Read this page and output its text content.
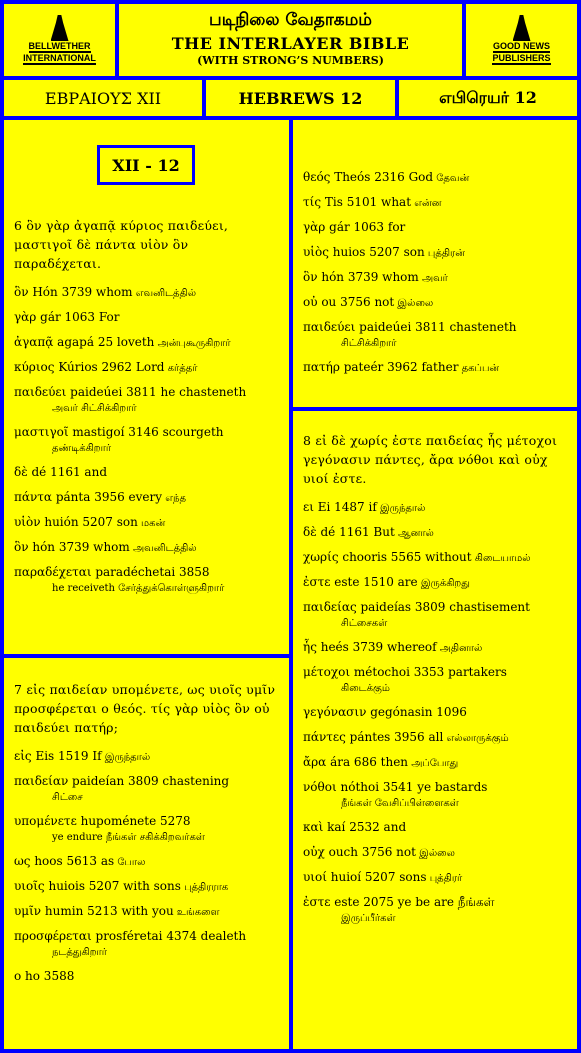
BELLWETHER
INTERNATIONAL
படிநிலை வேதாகமம்
THE INTERLAYER BIBLE
(WITH STRONG’S NUMBERS)
GOOD NEWS
PUBLISHERS
ΕΒΡΑΙΟΥΣ XII	HEBREWS 12	எபிரெயர் 12
6 ὃν γὰρ ἀγαπᾷ κύριος παιδεύει, μαστιγοῖ δὲ πάντα υἱὸν ὃν παραδέχεται.
ὃν Hón 3739 whom எவனிடத்தில்
γὰρ gár 1063 For
ἀγαπᾷ agapá 25 loveth அன்புகூருகிறார்
κύριος Kúrios 2962 Lord கர்த்தர்
παιδεύει paideúei 3811 he chasteneth
அவர் சிட்சிக்கிறார்
μαστιγοῖ mastigoí 3146 scourgeth
தண்டிக்கிறார்
δὲ dé 1161 and
πάντα pánta 3956 every எந்த
υἱὸν huión 5207 son மகன்
ὃν hón 3739 whom அவனிடத்தில்
παραδέχεται paradéchetai 3858
he receiveth சேர்த்துக்கொள்ளுகிறார்
XII - 12
7 εἰς παιδείαν υπομένετε, ως υιοῖς υμῖν προσφέρεται ο θεός. τίς γὰρ υἱὸς ὃν οὐ παιδεύει πατήρ;
εἰς Eis 1519 If இருந்தால்
παιδείαν paideían 3809 chastening
சிட்சை
υπομένετε hupoménete 5278
ye endure நீங்கள் சகிக்கிறவர்கள்
ως hoos 5613 as போல
υιοῖς huiois 5207 with sons புத்திரராக
υμῖν humin 5213 with you உங்களை
προσφέρεται prosféretai 4374 dealeth
நடத்துகிறார்
ο ho 3588
θεός Theós 2316 God தேவன்
τίς Tis 5101 what என்ன
γὰρ gár 1063 for
υἱὸς huios 5207 son புத்திரன்
ὃν hón 3739 whom அவர்
οὐ ou 3756 not இல்லை
παιδεύει paideúei 3811 chasteneth
சிட்சிக்கிறார்
πατήρ pateér 3962 father தகப்பன்
8 εἰ δὲ χωρίς ἐστε παιδείας ἧς μέτοχοι γεγόνασιν πάντες, ἄρα νόθοι καὶ οὐχ υιοί ἐστε.
ει Ei 1487 if இருந்தால்
δὲ dé 1161 But ஆனால்
χωρίς chooris 5565 without கிடையாமல்
ἐστε este 1510 are இருக்கிறது
παιδείας paideías 3809 chastisement
சிட்சைகள்
ἧς heés 3739 whereof அதினால்
μέτοχοι métochoi 3353 partakers
கிடைக்கும்
γεγόνασιν gegónasin 1096
πάντες pántes 3956 all எல்லாருக்கும்
ἄρα ára 686 then அப்போது
νόθοι nóthoi 3541 ye bastards
நீங்கள் வேசிப்பிள்ளைகள்
καὶ kaí 2532 and
οὐχ ouch 3756 not இல்லை
υιοί huioí 5207 sons புத்திரர்
ἐστε este 2075 ye be are நீங்கள்
இருப்பீர்கள்
